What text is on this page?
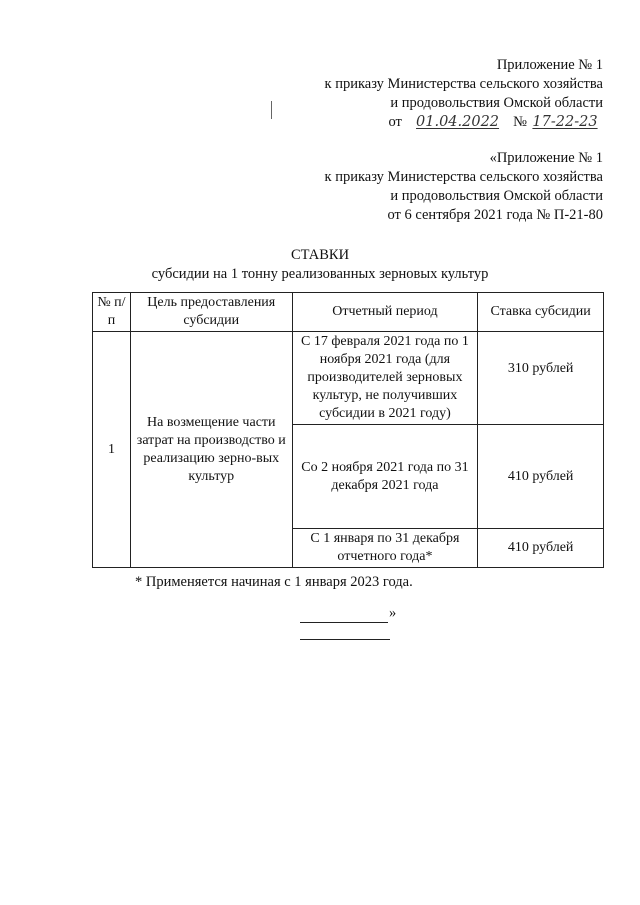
Приложение № 1
к приказу Министерства сельского хозяйства
и продовольствия Омской области
от 01.04.2022 № 17-22-23
«Приложение № 1
к приказу Министерства сельского хозяйства
и продовольствия Омской области
от 6 сентября 2021 года № П-21-80
СТАВКИ
субсидии на 1 тонну реализованных зерновых культур
№ п/п	Цель предоставления субсидии	Отчетный период	Ставка субсидии
1	На возмещение части затрат на производство и реализацию зерно-вых культур	С 17 февраля 2021 года по 1 ноября 2021 года (для производителей зерновых культур, не получивших субсидии в 2021 году)	310 рублей
		Со 2 ноября 2021 года по 31 декабря 2021 года	410 рублей
		С 1 января по 31 декабря отчетного года*	410 рублей
* Применяется начиная с 1 января 2023 года.
»
